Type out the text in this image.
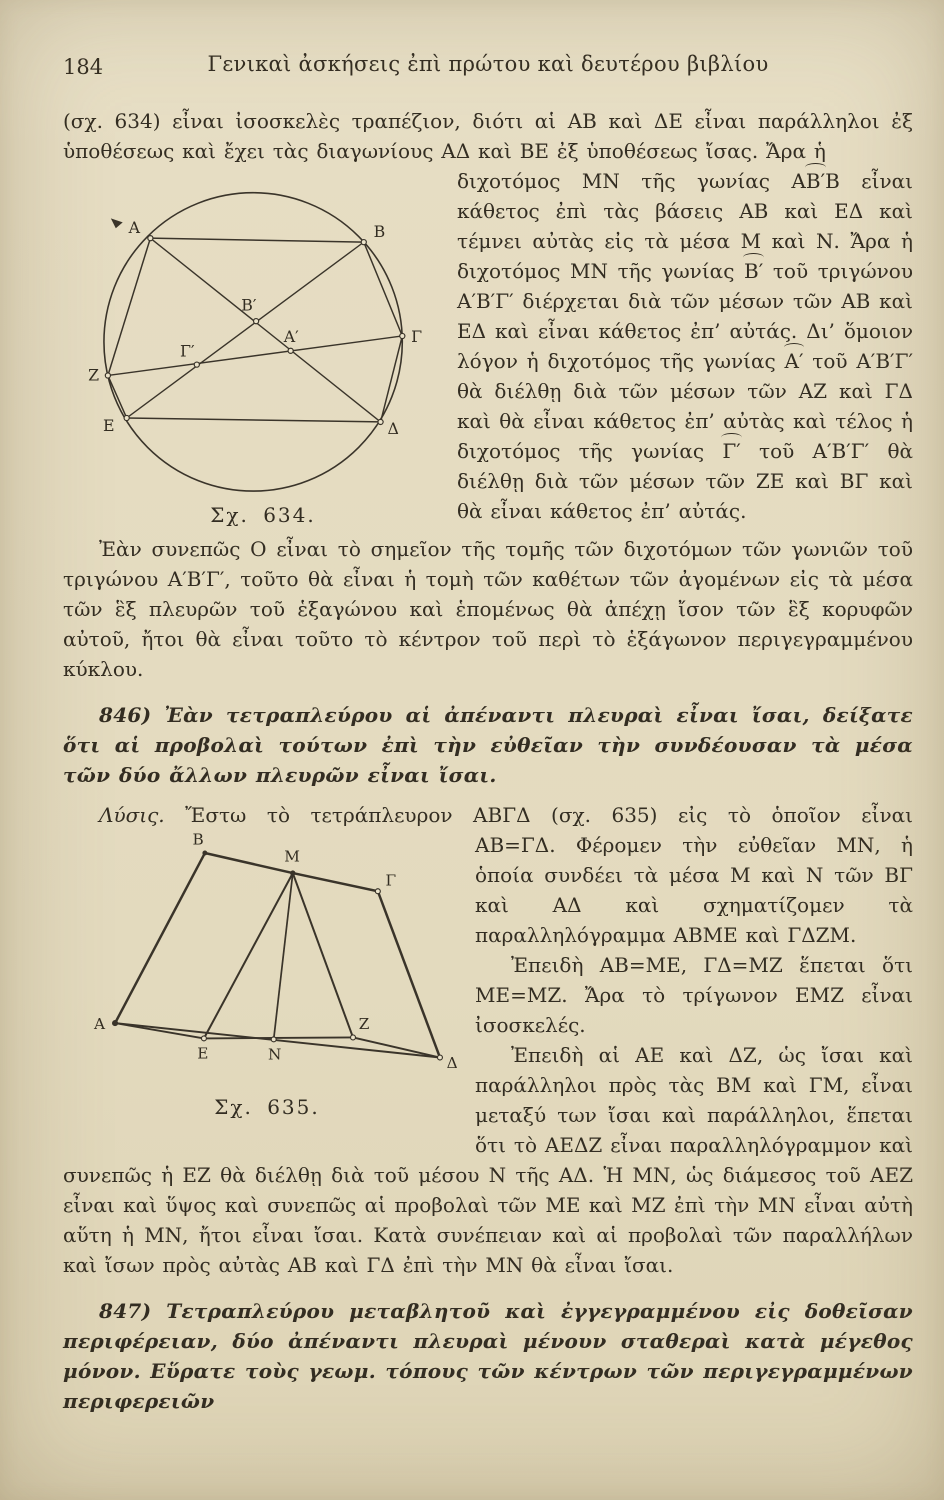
184	Γενικαὶ ἀσκήσεις ἐπὶ πρώτου καὶ δευτέρου βιβλίου

(σχ. 634) εἶναι ἰσοσκελὲς τραπέζιον, διότι αἱ ΑΒ καὶ ΔΕ εἶναι παράλληλοι ἐξ ὑποθέσεως καὶ ἔχει τὰς διαγωνίους ΑΔ καὶ ΒΕ ἐξ ὑποθέσεως ἴσας. Ἄρα ἡ

Α	Β
Γ
Δ
Ε
Ζ
Β′
Α′
Γ′
Σχ. 634.

διχοτόμος ΜΝ τῆς γωνίας ΑΒ′Β εἶναι κάθετος ἐπὶ τὰς βάσεις ΑΒ καὶ ΕΔ καὶ τέμνει αὐτὰς εἰς τὰ μέσα Μ καὶ Ν. Ἄρα ἡ διχοτόμος ΜΝ τῆς γωνίας Β′ τοῦ τριγώνου Α′Β′Γ′ διέρχεται διὰ τῶν μέσων τῶν ΑΒ καὶ ΕΔ καὶ εἶναι κάθετος ἐπ’ αὐτάς. Δι’ ὅμοιον λόγον ἡ διχοτόμος τῆς γωνίας Α′ τοῦ Α′Β′Γ′ θὰ διέλθῃ διὰ τῶν μέσων τῶν ΑΖ καὶ ΓΔ καὶ θὰ εἶναι κάθετος ἐπ’ αὐτὰς καὶ τέλος ἡ διχοτόμος τῆς γωνίας Γ′ τοῦ Α′Β′Γ′ θὰ διέλθῃ διὰ τῶν μέσων τῶν ΖΕ καὶ ΒΓ καὶ θὰ εἶναι κάθετος ἐπ’ αὐτάς.

Ἐὰν συνεπῶς Ο εἶναι τὸ σημεῖον τῆς τομῆς τῶν διχοτόμων τῶν γωνιῶν τοῦ τριγώνου Α′Β′Γ′, τοῦτο θὰ εἶναι ἡ τομὴ τῶν καθέτων τῶν ἀγομένων εἰς τὰ μέσα τῶν ἓξ πλευρῶν τοῦ ἑξαγώνου καὶ ἑπομένως θὰ ἀπέχῃ ἴσον τῶν ἓξ κορυφῶν αὐτοῦ, ἤτοι θὰ εἶναι τοῦτο τὸ κέντρον τοῦ περὶ τὸ ἑξάγωνον περιγεγραμμένου κύκλου.

846) Ἐὰν τετραπλεύρου αἱ ἀπέναντι πλευραὶ εἶναι ἴσαι, δείξατε ὅτι αἱ προβολαὶ τούτων ἐπὶ τὴν εὐθεῖαν τὴν συνδέουσαν τὰ μέσα τῶν δύο ἄλλων πλευρῶν εἶναι ἴσαι.

Λύσις. Ἔστω τὸ τετράπλευρον ΑΒΓΔ (σχ. 635) εἰς τὸ ὁποῖον εἶναι

Β
Μ
Γ
Α
Ε	Ν
Ζ
Δ
Σχ. 635.

ΑΒ=ΓΔ. Φέρομεν τὴν εὐθεῖαν ΜΝ, ἡ ὁποία συνδέει τὰ μέσα Μ καὶ Ν τῶν ΒΓ καὶ ΑΔ καὶ σχηματίζομεν τὰ παραλληλόγραμμα ΑΒΜΕ καὶ ΓΔΖΜ.

Ἐπειδὴ ΑΒ=ΜΕ, ΓΔ=ΜΖ ἕπεται ὅτι ΜΕ=ΜΖ. Ἄρα τὸ τρίγωνον ΕΜΖ εἶναι ἰσοσκελές.

Ἐπειδὴ αἱ ΑΕ καὶ ΔΖ, ὡς ἴσαι καὶ παράλληλοι πρὸς τὰς ΒΜ καὶ ΓΜ, εἶναι μεταξύ των ἴσαι καὶ παράλληλοι, ἕπεται ὅτι τὸ ΑΕΔΖ εἶναι παραλληλόγραμμον καὶ συνεπῶς ἡ ΕΖ θὰ διέλθῃ διὰ τοῦ μέσου Ν τῆς ΑΔ. Ἡ ΜΝ, ὡς διάμεσος τοῦ ΑΕΖ εἶναι καὶ ὕψος καὶ συνεπῶς αἱ προβολαὶ τῶν ΜΕ καὶ ΜΖ ἐπὶ τὴν ΜΝ εἶναι αὐτὴ αὕτη ἡ ΜΝ, ἤτοι εἶναι ἴσαι. Κατὰ συνέπειαν καὶ αἱ προβολαὶ τῶν παραλλήλων καὶ ἴσων πρὸς αὐτὰς ΑΒ καὶ ΓΔ ἐπὶ τὴν ΜΝ θὰ εἶναι ἴσαι.

847) Τετραπλεύρου μεταβλητοῦ καὶ ἐγγεγραμμένου εἰς δοθεῖσαν περιφέρειαν, δύο ἀπέναντι πλευραὶ μένουν σταθεραὶ κατὰ μέγεθος μόνον. Εὕρατε τοὺς γεωμ. τόπους τῶν κέντρων τῶν περιγεγραμμένων περιφερειῶν
